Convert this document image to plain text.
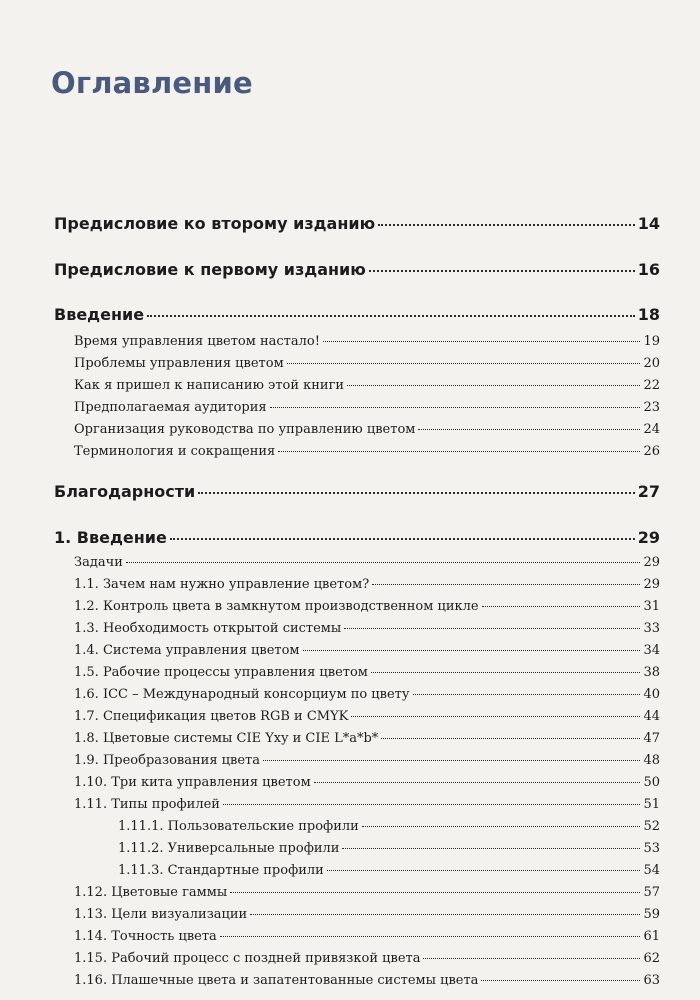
Оглавление
Предисловие ко второму изданию	14
Предисловие к первому изданию	16
Введение	18
Время управления цветом настало!	19
Проблемы управления цветом	20
Как я пришел к написанию этой книги	22
Предполагаемая аудитория	23
Организация руководства по управлению цветом	24
Терминология и сокращения	26
Благодарности	27
1. Введение	29
Задачи	29
1.1. Зачем нам нужно управление цветом?	29
1.2. Контроль цвета в замкнутом производственном цикле	31
1.3. Необходимость открытой системы	33
1.4. Система управления цветом	34
1.5. Рабочие процессы управления цветом	38
1.6. ICC – Международный консорциум по цвету	40
1.7. Спецификация цветов RGB и CMYK	44
1.8. Цветовые системы CIE Yxy и CIE L*a*b*	47
1.9. Преобразования цвета	48
1.10. Три кита управления цветом	50
1.11. Типы профилей	51
1.11.1. Пользовательские профили	52
1.11.2. Универсальные профили	53
1.11.3. Стандартные профили	54
1.12. Цветовые гаммы	57
1.13. Цели визуализации	59
1.14. Точность цвета	61
1.15. Рабочий процесс с поздней привязкой цвета	62
1.16. Плашечные цвета и запатентованные системы цвета	63
